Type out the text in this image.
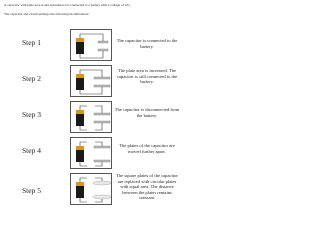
A capacitor with plate area A and separation d is connected to a battery with a voltage of ΔV₀.
The capacitor and circuit undergo the following modifications:
Step 1	The capacitor is connected to the battery.
Step 2
The plate area is increased. The capacitor is still connected to the battery.
Step 3
The capacitor is disconnected from the battery.
Step 4
The plates of the capacitor are moved further apart.
Step 5
The square plates of the capacitor are replaced with circular plates with equal area. The distance between the plates remains constant.
